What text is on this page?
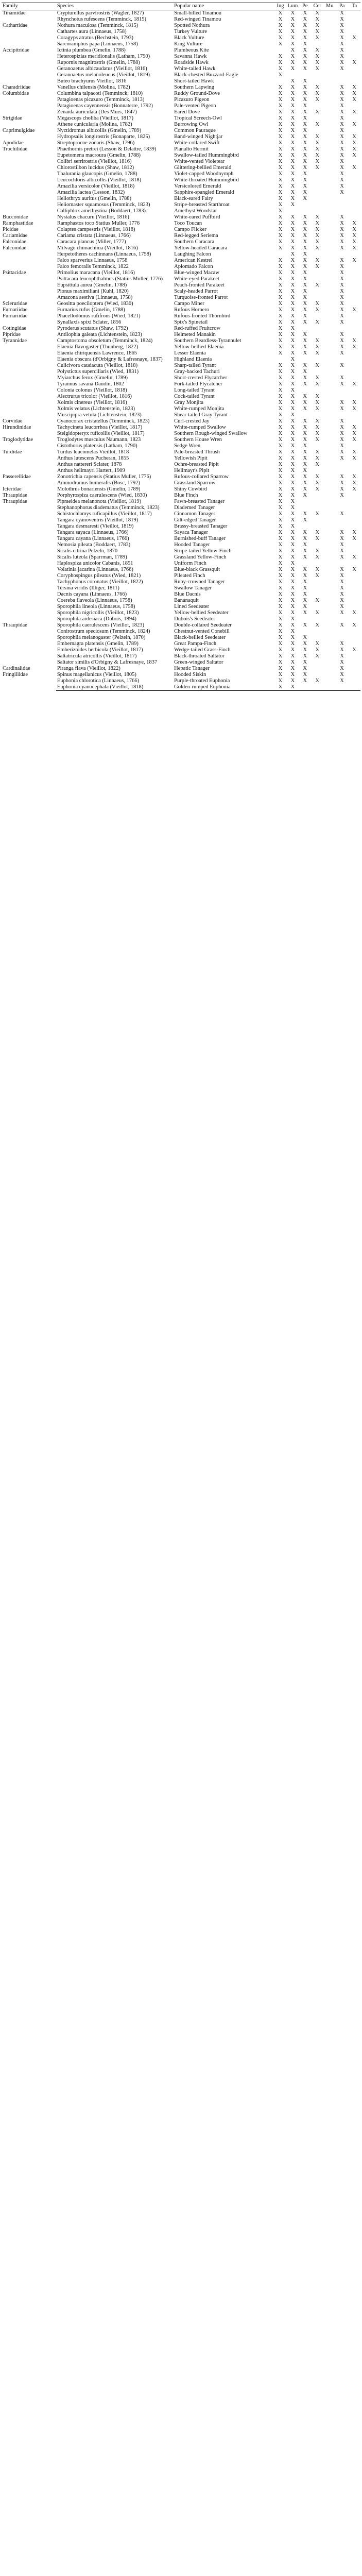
Family	Species	Popular name	Ing	Lum	Pe	Cer	Mu	Pa	Ta
Tinamidae	Crypturellus parvirostris (Wagler, 1827)	Small-billed Tinamou	X	X	X	X		X	
	Rhynchotus rufescens (Temminck, 1815)	Red-winged Tinamou	X	X	X	X		X	
Cathartidae	Nothura maculosa (Temminck, 1815)	Spotted Nothura	X	X	X	X		X	
	Cathartes aura (Linnaeus, 1758)	Turkey Vulture	X	X	X	X		X	
	Coragyps atratus (Bechstein, 1793)	Black Vulture	X	X	X	X		X	X
	Sarcoramphus papa (Linnaeus, 1758)	King Vulture	X	X	X			X	
Accipitridae	Ictinia plumbea (Gmelin, 1788)	Plumbeous Kite		X	X	X		X	
	Heterospizias meridionalis (Latham, 1790)	Savanna Hawk	X	X	X	X		X	
	Rupornis magnirostris (Gmelin, 1788)	Roadside Hawk	X	X	X	X		X	X
	Geranoaetus albicaudatus (Vieillot, 1816)	White-tailed Hawk	X	X	X	X		X	
	Geranoaetus melanoleucus (Vieillot, 1819)	Black-chested Buzzard-Eagle	X						
	Buteo brachyurus Vieillot, 1816	Short-tailed Hawk		X	X				
Charadriidae	Vanellus chilensis (Molina, 1782)	Southern Lapwing	X	X	X	X		X	X
Columbidae	Columbina talpacoti (Temminck, 1810)	Ruddy Ground-Dove	X	X	X	X		X	X
	Patagioenas picazuro (Temminck, 1813)	Picazuro Pigeon	X	X	X	X		X	X
	Patagioenas cayennensis (Bonnaterre, 1792)	Pale-vented Pigeon	X	X	X			X	
	Zenaida auriculata (Des Murs, 1847)	Eared Dove	X	X	X	X		X	X
Strigidae	Megascops choliba (Vieillot, 1817)	Tropical Screech-Owl	X	X	X			X	
	Athene cunicularia (Molina, 1782)	Burrowing Owl	X	X	X	X		X	X
Caprimulgidae	Nyctidromus albicollis (Gmelin, 1789)	Common Pauraque	X	X	X			X	
	Hydropsalis longirostris (Bonaparte, 1825)	Band-winged Nightjar	X	X	X	X		X	X
Apodidae	Streptoprocne zonaris (Shaw, 1796)	White-collared Swift	X	X	X	X		X	X
Trochilidae	Phaethornis pretrei (Lesson & Delattre, 1839)	Planalto Hermit	X	X	X	X		X	X
	Eupetomena macroura (Gmelin, 1788)	Swallow-tailed Hummingbird	X	X	X	X		X	X
	Colibri serrirostris (Vieillot, 1816)	White-vented Violetear	X	X	X	X		X	
	Chlorostilbon lucidus (Shaw, 1812)	Glittering-bellied Emerald	X	X	X	X		X	X
	Thalurania glaucopis (Gmelin, 1788)	Violet-capped Woodnymph	X	X	X			X	
	Leucochloris albicollis (Vieillot, 1818)	White-throated Hummingbird	X	X	X			X	
	Amazilia versicolor (Vieillot, 1818)	Versicolored Emerald	X	X	X			X	
	Amazilia lactea (Lesson, 1832)	Sapphire-spangled Emerald	X	X	X			X	
	Heliothryx auritus (Gmelin, 1788)	Black-eared Fairy	X	X	X				
	Heliomaster squamosus (Temminck, 1823)	Stripe-breasted Starthroat	X	X					
	Calliphlox amethystina (Boddaert, 1783)	Amethyst Woodstar	X						
Bucconidae	Nystalus chacuru (Vieillot, 1816)	White-eared Puffbird	X	X	X	X		X	
Ramphastidae	Ramphastos toco Statius Muller, 1776	Toco Toucan	X	X	X	X		X	X
Picidae	Colaptes campestris (Vieillot, 1818)	Campo Flicker	X	X	X	X		X	X
Cariamidae	Cariama cristata (Linnaeus, 1766)	Red-legged Seriema	X	X	X	X		X	X
Falconidae	Caracara plancus (Miller, 1777)	Southern Caracara	X	X	X	X		X	X
Falconidae	Milvago chimachima (Vieillot, 1816)	Yellow-headed Caracara	X	X	X	X		X	X
	Herpetotheres cachinnans (Linnaeus, 1758)	Laughing Falcon		X	X				
	Falco sparverius Linnaeus, 1758	American Kestrel	X	X	X	X		X	X
	Falco femoralis Temminck, 1822	Aplomado Falcon	X	X	X	X		X	
Psittacidae	Primolius maracana (Vieillot, 1816)	Blue-winged Macaw	X	X	X			X	
	Psittacara leucophthalmus (Statius Muller, 1776)	White-eyed Parakeet	X	X	X			X	
	Eupsittula aurea (Gmelin, 1788)	Peach-fronted Parakeet	X	X	X	X		X	
	Pionus maximiliani (Kuhl, 1820)	Scaly-headed Parrot	X	X	X			X	
	Amazona aestiva (Linnaeus, 1758)	Turquoise-fronted Parrot	X	X	X			X	
Scleruridae	Geositta poeciloptera (Wied, 1830)	Campo Miner	X	X	X	X		X	
Furnariidae	Furnarius rufus (Gmelin, 1788)	Rufous Hornero	X	X	X	X		X	X
Furnariidae	Phacellodomus rufifrons (Wied, 1821)	Rufous-fronted Thornbird	X	X	X			X	
	Synallaxis spixi Sclater, 1856	Spix's Spinetail	X	X	X	X		X	
Cotingidae	Pyroderus scutatus (Shaw, 1792)	Red-ruffed Fruitcrow	X	X					
Pipridae	Antilophia galeata (Lichtenstein, 1823)	Helmeted Manakin	X	X	X			X	
Tyrannidae	Camptostoma obsoletum (Temminck, 1824)	Southern Beardless-Tyrannulet	X	X	X	X		X	X
	Elaenia flavogaster (Thunberg, 1822)	Yellow-bellied Elaenia	X	X	X	X		X	X
	Elaenia chiriquensis Lawrence, 1865	Lesser Elaenia	X	X	X	X		X	
	Elaenia obscura (d'Orbigny & Lafresnaye, 1837)	Highland Elaenia		X					
	Culicivora caudacuta (Vieillot, 1818)	Sharp-tailed Tyrant	X	X	X	X		X	
	Polystictus superciliaris (Wied, 1831)	Gray-backed Tachuri	X	X	X				
	Myiarchus ferox (Gmelin, 1789)	Short-crested Flycatcher	X	X	X	X		X	
	Tyrannus savana Daudin, 1802	Fork-tailed Flycatcher	X	X	X	X		X	X
	Colonia colonus (Vieillot, 1818)	Long-tailed Tyrant	X	X					
	Alectrurus tricolor (Vieillot, 1816)	Cock-tailed Tyrant	X	X	X	X			
	Xolmis cinereus (Vieillot, 1816)	Gray Monjita	X	X	X	X		X	X
	Xolmis velatus (Lichtenstein, 1823)	White-rumped Monjita	X	X	X	X		X	X
	Muscipipra vetula (Lichtenstein, 1823)	Shear-tailed Gray Tyrant	X	X					
Corvidae	Cyanocorax cristatellus (Temminck, 1823)	Curl-crested Jay	X	X	X	X		X	
Hirundinidae	Tachycineta leucorrhoa (Vieillot, 1817)	White-rumped Swallow	X	X	X	X		X	X
	Stelgidopteryx ruficollis (Vieillot, 1817)	Southern Rough-winged Swallow	X	X	X	X		X	X
Troglodytidae	Troglodytes musculus Naumann, 1823	Southern House Wren	X	X	X	X		X	X
	Cistothorus platensis (Latham, 1790)	Sedge Wren	X	X	X			X	
Turdidae	Turdus leucomelas Vieillot, 1818	Pale-breasted Thrush	X	X	X	X		X	X
	Anthus lutescens Pucheran, 1855	Yellowish Pipit	X	X	X	X		X	X
	Anthus nattereri Sclater, 1878	Ochre-breasted Pipit	X	X	X	X			
	Anthus hellmayri Hartert, 1909	Hellmayr's Pipit	X	X	X				
Passerellidae	Zonotrichia capensis (Statius Muller, 1776)	Rufous-collared Sparrow	X	X	X	X		X	X
	Ammodramus humeralis (Bosc, 1792)	Grassland Sparrow	X	X	X	X		X	X
Icteridae	Molothrus bonariensis (Gmelin, 1789)	Shiny Cowbird	X	X	X	X		X	X
Thraupidae	Porphyrospiza caerulescens (Wied, 1830)	Blue Finch	X	X	X			X	
Thraupidae	Pipraeidea melanonota (Vieillot, 1819)	Fawn-breasted Tanager	X	X					
	Stephanophorus diadematus (Temminck, 1823)	Diademed Tanager	X	X					
	Schistochlamys ruficapillus (Vieillot, 1817)	Cinnamon Tanager	X	X	X	X		X	
	Tangara cyanoventris (Vieillot, 1819)	Gilt-edged Tanager	X	X	X				
	Tangara desmaresti (Vieillot, 1819)	Brassy-breasted Tanager	X	X					
	Tangara sayaca (Linnaeus, 1766)	Sayaca Tanager	X	X	X	X		X	X
	Tangara cayana (Linnaeus, 1766)	Burnished-buff Tanager	X	X	X	X		X	X
	Nemosia pileata (Boddaert, 1783)	Hooded Tanager	X	X	X			X	
	Sicalis citrina Pelzeln, 1870	Stripe-tailed Yellow-Finch	X	X	X	X		X	
	Sicalis luteola (Sparrman, 1789)	Grassland Yellow-Finch	X	X	X	X		X	X
	Haplospiza unicolor Cabanis, 1851	Uniform Finch	X	X					
	Volatinia jacarina (Linnaeus, 1766)	Blue-black Grassquit	X	X	X	X		X	X
	Coryphospingus pileatus (Wied, 1821)	Pileated Finch	X	X	X	X		X	
	Tachyphonus coronatus (Vieillot, 1822)	Ruby-crowned Tanager	X	X	X			X	
	Tersina viridis (Illiger, 1811)	Swallow Tanager	X	X	X			X	
	Dacnis cayana (Linnaeus, 1766)	Blue Dacnis	X	X	X			X	
	Coereba flaveola (Linnaeus, 1758)	Bananaquit	X	X	X	X		X	
	Sporophila lineola (Linnaeus, 1758)	Lined Seedeater	X	X	X			X	
	Sporophila nigricollis (Vieillot, 1823)	Yellow-bellied Seedeater	X	X	X	X		X	X
	Sporophila ardesiaca (Dubois, 1894)	Dubois's Seedeater	X	X					
Thraupidae	Sporophila caerulescens (Vieillot, 1823)	Double-collared Seedeater	X	X	X	X		X	X
	Conirostrum speciosum (Temminck, 1824)	Chestnut-vented Conebill	X	X					
	Sporophila melanogaster (Pelzeln, 1870)	Black-bellied Seedeater	X	X	X				
	Embernagra platensis (Gmelin, 1789)	Great Pampa-Finch	X	X	X	X		X	
	Emberizoides herbicola (Vieillot, 1817)	Wedge-tailed Grass-Finch	X	X	X	X		X	X
	Saltatricula atricollis (Vieillot, 1817)	Black-throated Saltator	X	X	X	X		X	
	Saltator similis d'Orbigny & Lafresnaye, 1837	Green-winged Saltator	X	X	X			X	
Cardinalidae	Piranga flava (Vieillot, 1822)	Hepatic Tanager	X	X	X			X	
Fringillidae	Spinus magellanicus (Vieillot, 1805)	Hooded Siskin	X	X	X			X	
	Euphonia chlorotica (Linnaeus, 1766)	Purple-throated Euphonia	X	X	X	X		X	
	Euphonia cyanocephala (Vieillot, 1818)	Golden-rumped Euphonia	X	X					
